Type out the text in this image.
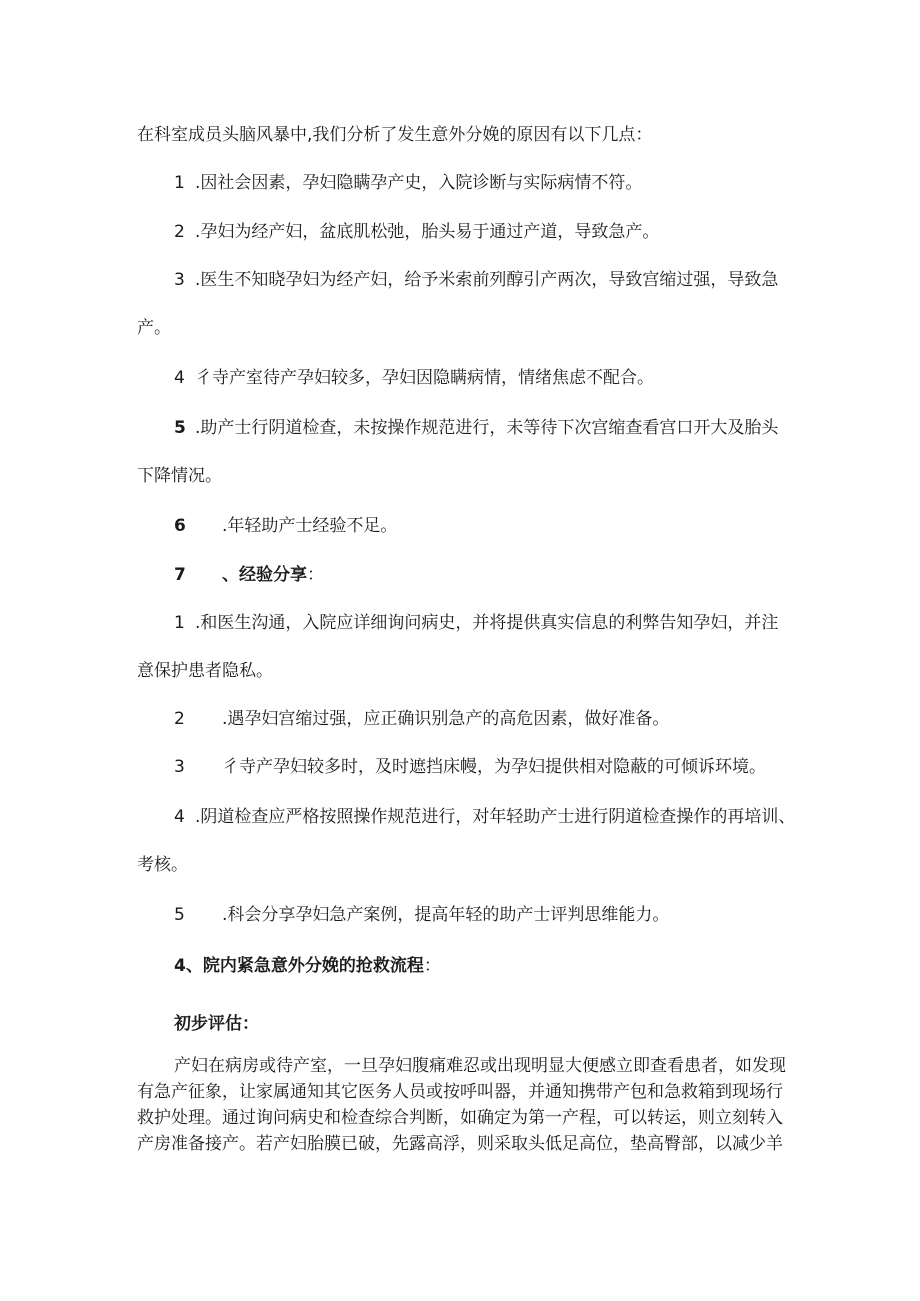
在科室成员头脑风暴中,我们分析了发生意外分娩的原因有以下几点：
1 .因社会因素，孕妇隐瞒孕产史，入院诊断与实际病情不符。
2 .孕妇为经产妇，盆底肌松弛，胎头易于通过产道，导致急产。
3 .医生不知晓孕妇为经产妇，给予米索前列醇引产两次，导致宫缩过强，导致急
产。
4 彳寺产室待产孕妇较多，孕妇因隐瞒病情，情绪焦虑不配合。
5 .助产士行阴道检查，未按操作规范进行，未等待下次宫缩查看宫口开大及胎头
下降情况。
6 .年轻助产士经验不足。
7 、经验分享：
1 .和医生沟通，入院应详细询问病史，并将提供真实信息的利弊告知孕妇，并注
意保护患者隐私。
2 .遇孕妇宫缩过强，应正确识别急产的高危因素，做好准备。
3 彳寺产孕妇较多时，及时遮挡床幔，为孕妇提供相对隐蔽的可倾诉环境。
4 .阴道检查应严格按照操作规范进行，对年轻助产士进行阴道检查操作的再培训、
考核。
5 .科会分享孕妇急产案例，提高年轻的助产士评判思维能力。
4、院内紧急意外分娩的抢救流程：
初步评估：

产妇在病房或待产室，一旦孕妇腹痛难忍或出现明显大便感立即查看患者，如发现有急产征象，让家属通知其它医务人员或按呼叫器，并通知携带产包和急救箱到现场行救护处理。通过询问病史和检查综合判断，如确定为第一产程，可以转运，则立刻转入产房准备接产。若产妇胎膜已破，先露高浮，则采取头低足高位，垫高臀部，以减少羊
